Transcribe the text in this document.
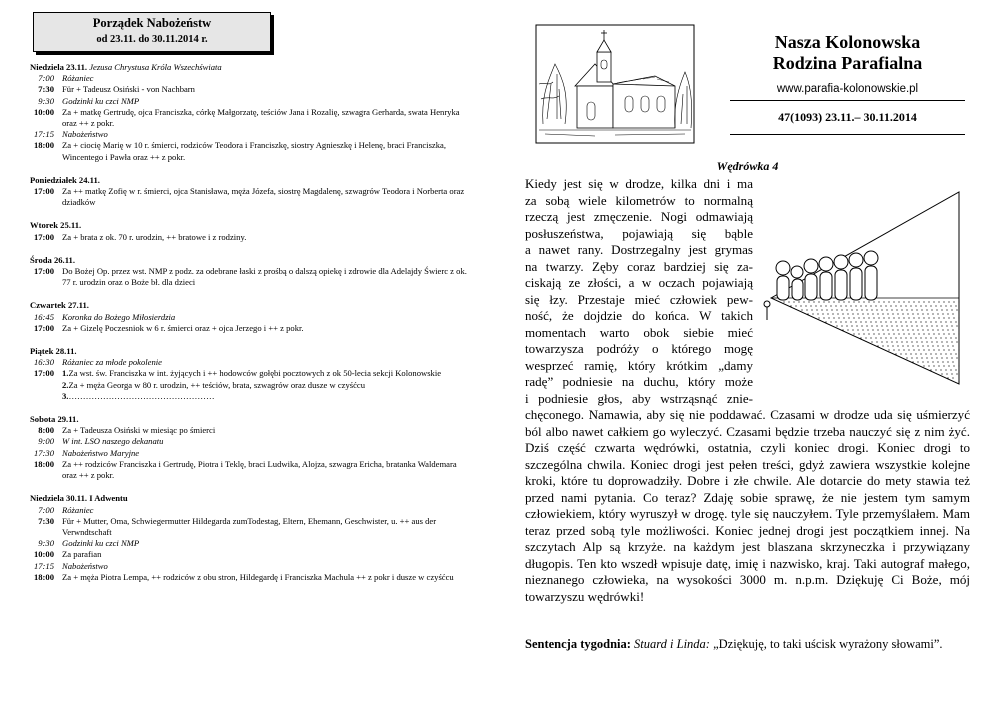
Porządek Nabożeństw
od 23.11. do 30.11.2014 r.
Niedziela 23.11. Jezusa Chrystusa Króla Wszechświata
7:00 Różaniec
7:30 Für + Tadeusz Osiński - von Nachbarn
9:30 Godzinki ku czci NMP
10:00 Za + matkę Gertrudę, ojca Franciszka, córkę Małgorzatę, teściów Jana i Rozalię, szwagra Gerharda, swata Henryka oraz ++ z pokr.
17:15 Nabożeństwo
18:00 Za + ciocię Marię w 10 r. śmierci, rodziców Teodora i Franciszkę, siostry Agnieszkę i Helenę, braci Franciszka, Wincentego i Pawła oraz ++ z pokr.
Poniedziałek 24.11.
17:00 Za ++ matkę Zofię w r. śmierci, ojca Stanisława, męża Józefa, siostrę Magdalenę, szwagrów Teodora i Norberta oraz dziadków
Wtorek 25.11.
17:00 Za + brata z ok. 70 r. urodzin, ++ bratowe i z rodziny.
Środa 26.11.
17:00 Do Bożej Op. przez wst. NMP z podz. za odebrane łaski z prośbą o dalszą opiekę i zdrowie dla Adelajdy Świerc z ok. 77 r. urodzin oraz o Boże bł. dla dzieci
Czwartek 27.11.
16:45 Koronka do Bożego Miłosierdzia
17:00 Za + Gizelę Poczesniok w 6 r. śmierci oraz + ojca Jerzego i ++ z pokr.
Piątek 28.11.
16:30 Różaniec za młode pokolenie
17:00 1.Za wst. św. Franciszka w int. żyjących i ++ hodowców gołębi pocztowych z ok 50-lecia sekcji Kolonowskie
2.Za + męża Georga w 80 r. urodzin, ++ teściów, brata, szwagrów oraz dusze w czyśćcu
3.……………………………………………
Sobota 29.11.
8:00 Za + Tadeusza Osiński w miesiąc po śmierci
9:00 W int. LSO naszego dekanatu
17:30 Nabożeństwo Maryjne
18:00 Za ++ rodziców Franciszka i Gertrudę, Piotra i Teklę, braci Ludwika, Alojza, szwagra Ericha, bratanka Waldemara oraz ++ z pokr.
Niedziela 30.11. I Adwentu
7:00 Różaniec
7:30 Für + Mutter, Oma, Schwiegermutter Hildegarda zumTodestag, Eltern, Ehemann, Geschwister, u. ++ aus der Verwndtschaft
9:30 Godzinki ku czci NMP
10:00 Za parafian
17:15 Nabożeństwo
18:00 Za + męża Piotra Lempa, ++ rodziców z obu stron, Hildegardę i Franciszka Machula ++ z pokr i dusze w czyśćcu
Nasza Kolonowska
Rodzina Parafialna
www.parafia-kolonowskie.pl
47(1093) 23.11.– 30.11.2014
Wędrówka 4
Kiedy jest się w drodze, kilka dni i ma
za sobą wiele kilometrów to normalną
rzeczą jest zmęczenie. Nogi odmawiają
posłuszeństwa, pojawiają się bąble
a nawet rany. Dostrzegalny jest grymas
na twarzy. Zęby coraz bardziej się za-
ciskają ze złości, a w oczach pojawiają
się łzy. Przestaje mieć człowiek pew-
ność, że dojdzie do końca. W takich
momentach warto obok siebie mieć
towarzysza podróży o którego mogę
wesprzeć ramię, który krótkim „damy
radę” podniesie na duchu, który może
i podniesie głos, aby wstrząsnąć znie-
chęconego. Namawia, aby się nie poddawać. Czasami w drodze uda się uśmierzyć ból albo nawet całkiem go wyleczyć. Czasami będzie trzeba nauczyć się z nim żyć. Dziś część czwarta wędrówki, ostatnia, czyli koniec drogi. Koniec drogi to szczególna chwila. Koniec drogi jest pełen treści, gdyż zawiera wszystkie kolejne kroki, które tu doprowadziły. Dobre i złe chwile. Ale dotarcie do mety stawia też przed nami pytania. Co teraz? Zdaję sobie sprawę, że nie jestem tym samym człowiekiem, który wyruszył w drogę. tyle się nauczyłem. Tyle przemyślałem. Mam teraz przed sobą tyle możliwości. Koniec jednej drogi jest początkiem innej. Na szczytach Alp są krzyże. na każdym jest blaszana skrzyneczka i przywiązany długopis. Ten kto wszedł wpisuje datę, imię i nazwisko, kraj. Taki autograf małego, nieznanego człowieka, na wysokości 3000 m. n.p.m. Dziękuję Ci Boże, mój towarzyszu wędrówki!
Sentencja tygodnia: Stuard i Linda: „Dziękuję, to taki uścisk wyrażony słowami”.
